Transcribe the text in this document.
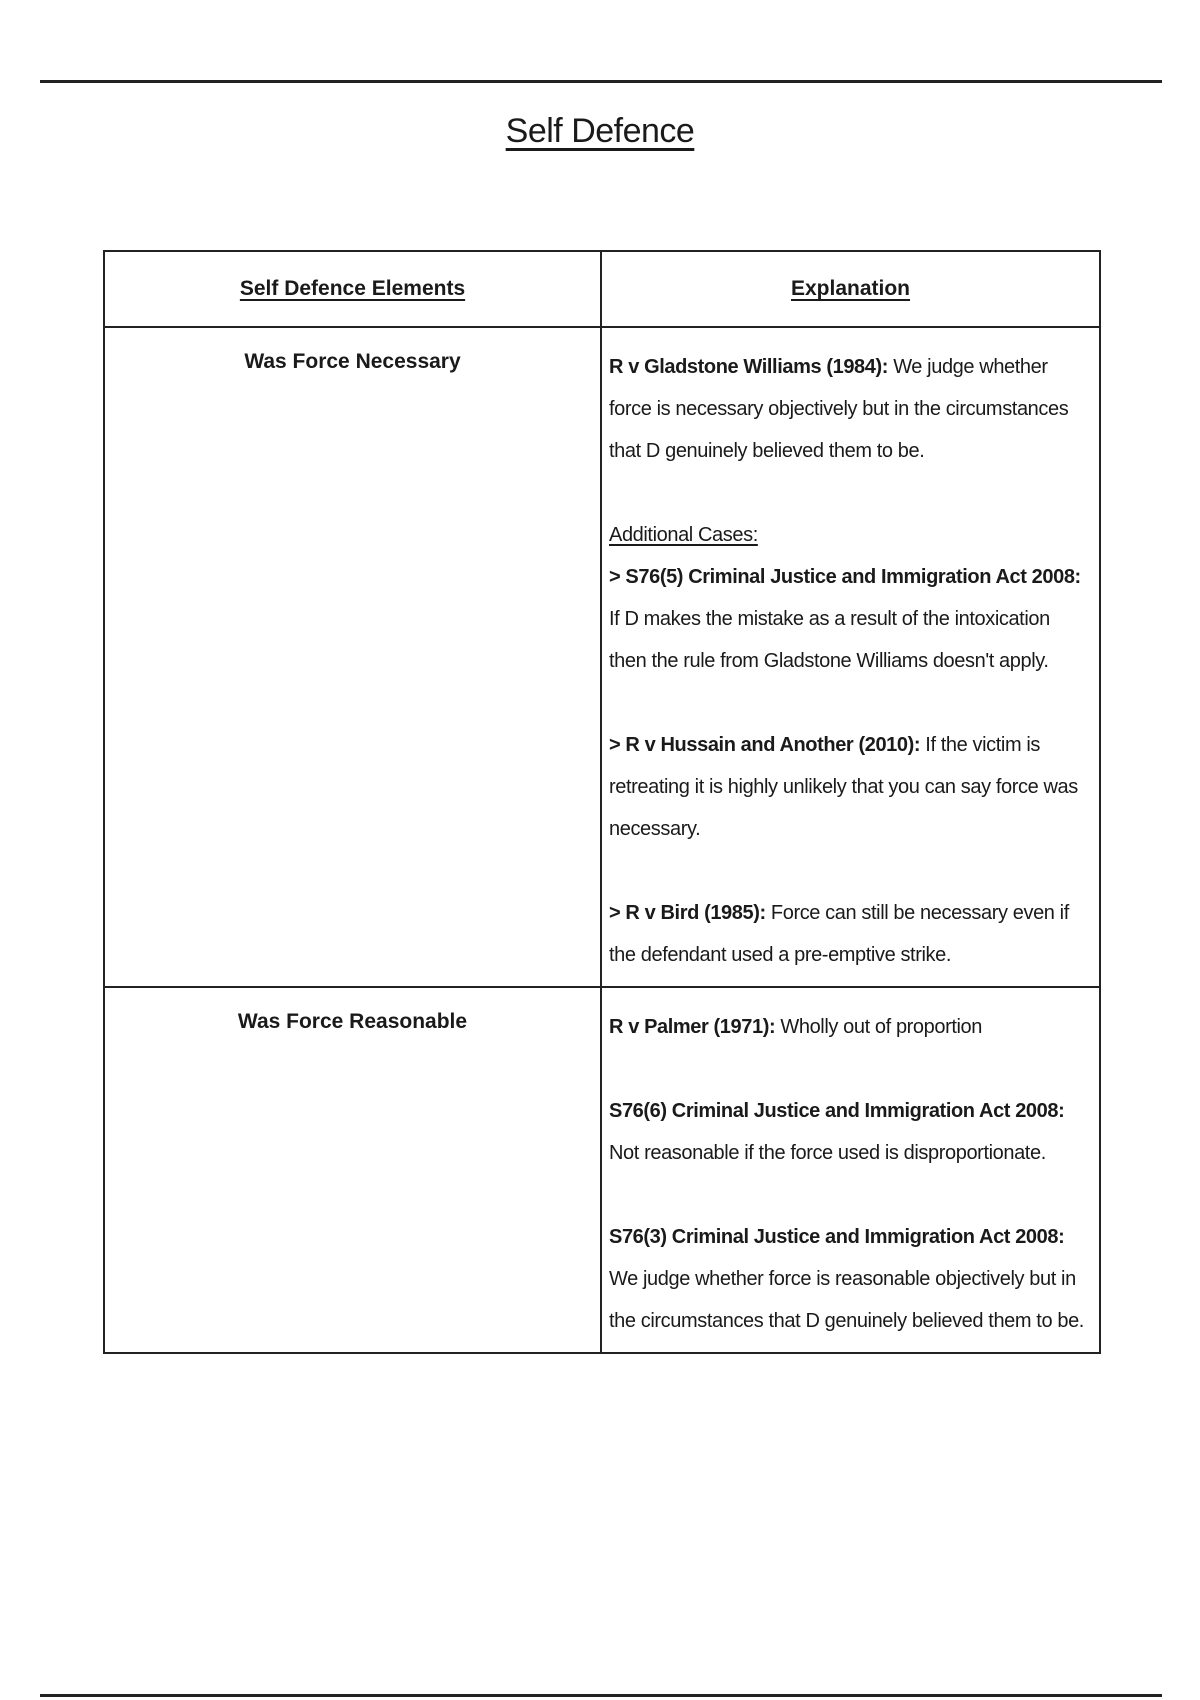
Self Defence
Self Defence Elements	Explanation
Was Force Necessary	R v Gladstone Williams (1984): We judge whether force is necessary objectively but in the circumstances that D genuinely believed them to be.

Additional Cases:
> S76(5) Criminal Justice and Immigration Act 2008: If D makes the mistake as a result of the intoxication then the rule from Gladstone Williams doesn't apply.

> R v Hussain and Another (2010): If the victim is retreating it is highly unlikely that you can say force was necessary.

> R v Bird (1985): Force can still be necessary even if the defendant used a pre-emptive strike.

Was Force Reasonable	R v Palmer (1971): Wholly out of proportion

S76(6) Criminal Justice and Immigration Act 2008: Not reasonable if the force used is disproportionate.

S76(3) Criminal Justice and Immigration Act 2008: We judge whether force is reasonable objectively but in the circumstances that D genuinely believed them to be.
